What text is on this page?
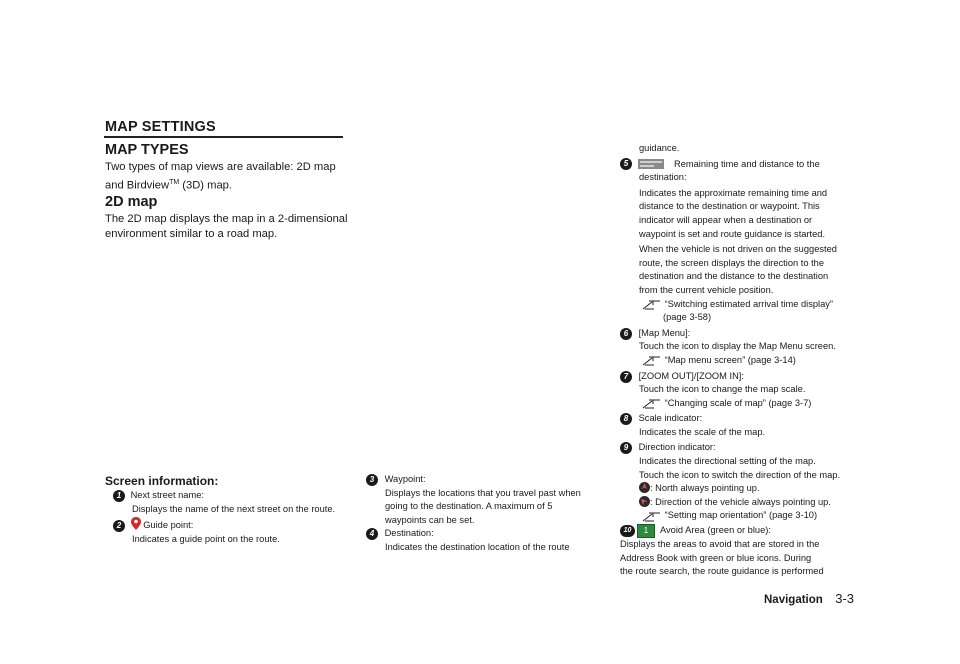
MAP SETTINGS
MAP TYPES
Two types of map views are available: 2D map
and Birdview™ (3D) map.
2D map
The 2D map displays the map in a 2-dimensional
environment similar to a road map.
Screen information:
1 Next street name:
Displays the name of the next street on the route.
2 Guide point:
Indicates a guide point on the route.
3 Waypoint:
Displays the locations that you travel past when
going to the destination. A maximum of 5
waypoints can be set.
4 Destination:
Indicates the destination location of the route
guidance.
5	Remaining time and distance to the
destination:
Indicates the approximate remaining time and
distance to the destination or waypoint. This
indicator will appear when a destination or
waypoint is set and route guidance is started.
When the vehicle is not driven on the suggested
route, the screen displays the direction to the
destination and the distance to the destination
from the current vehicle position.
“Switching estimated arrival time display”
(page 3-58)
6 [Map Menu]:
Touch the icon to display the Map Menu screen.
“Map menu screen” (page 3-14)
7 [ZOOM OUT]/[ZOOM IN]:
Touch the icon to change the map scale.
“Changing scale of map” (page 3-7)
8 Scale indicator:
Indicates the scale of the map.
9 Direction indicator:
Indicates the directional setting of the map.
Touch the icon to switch the direction of the map.
: North always pointing up.
: Direction of the vehicle always pointing up.
“Setting map orientation” (page 3-10)
10	1 Avoid Area (green or blue):
Displays the areas to avoid that are stored in the
Address Book with green or blue icons. During
the route search, the route guidance is performed
Navigation 3-3
